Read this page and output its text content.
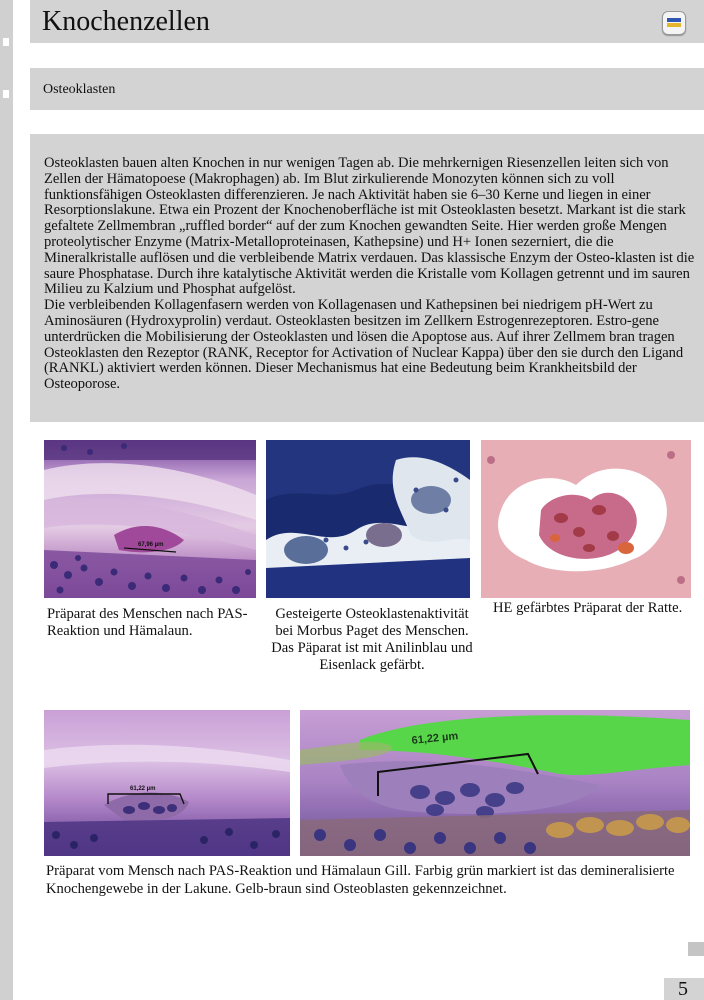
Knochenzellen
Osteoklasten

Osteoklasten bauen alten Knochen in nur wenigen Tagen ab. Die mehrkernigen Riesenzellen leiten sich von Zellen der Hämatopoese (Makrophagen) ab. Im Blut zirkulierende Monozyten können sich zu voll funktionsfähigen Osteoklasten differenzieren. Je nach Aktivität haben sie 6–30 Kerne und liegen in einer Resorptionslakune. Etwa ein Prozent der Knochenoberfläche ist mit Osteoklasten besetzt. Markant ist die stark gefaltete Zellmembran „ruffled border“ auf der zum Knochen gewandten Seite. Hier werden große Mengen proteolytischer Enzyme (Matrix-Metalloproteinasen, Kathepsine) und H+ Ionen sezerniert, die die Mineralkristalle auflösen und die verbleibende Matrix verdauen. Das klassische Enzym der Osteo-klasten ist die saure Phosphatase. Durch ihre katalytische Aktivität werden die Kristalle vom Kollagen getrennt und im sauren Milieu zu Kalzium und Phosphat aufgelöst.

Die verbleibenden Kollagenfasern werden von Kollagenasen und Kathepsinen bei niedrigem pH-Wert zu Aminosäuren (Hydroxyprolin) verdaut. Osteoklasten besitzen im Zellkern Estrogenrezeptoren. Estro-gene unterdrücken die Mobilisierung der Osteoklasten und lösen die Apoptose aus. Auf ihrer Zellmem bran tragen Osteoklasten den Rezeptor (RANK, Receptor for Activation of Nuclear Kappa) über den sie durch den Ligand (RANKL) aktiviert werden können. Dieser Mechanismus hat eine Bedeutung beim Krankheitsbild der Osteoporose.

67,96 µm
Präparat des Menschen nach PAS-Reaktion und Hämalaun.
Gesteigerte Osteoklastenaktivität bei Morbus Paget des Menschen. Das Päparat ist mit Anilinblau und Eisenlack gefärbt.
HE gefärbtes Präparat der Ratte.
61,22 µm
61,22 µm
Präparat vom Mensch nach PAS-Reaktion und Hämalaun Gill. Farbig grün markiert ist das demineralisierte Knochengewebe in der Lakune. Gelb-braun sind Osteoblasten gekennzeichnet.
5
